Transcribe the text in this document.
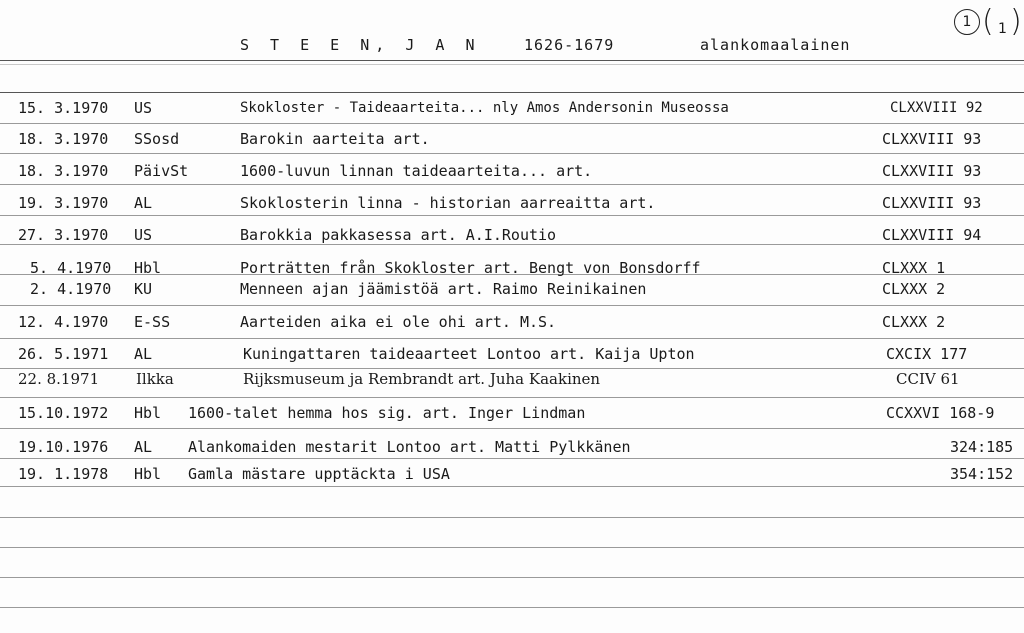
S T E E N, J A N	1626-1679	alankomaalainen
1 ( 1 )
15. 3.1970 US	Skokloster - Taideaarteita... nly Amos Andersonin Museossa	CLXXVIII 92
18. 3.1970 SSosd	Barokin aarteita art.	CLXXVIII 93
18. 3.1970 PäivSt	1600-luvun linnan taideaarteita... art.	CLXXVIII 93
19. 3.1970 AL	Skoklosterin linna - historian aarreaitta art.	CLXXVIII 93
27. 3.1970 US	Barokkia pakkasessa art. A.I.Routio	CLXXVIII 94
5. 4.1970 Hbl	Porträtten från Skokloster art. Bengt von Bonsdorff	CLXXX 1
2. 4.1970 KU	Menneen ajan jäämistöä art. Raimo Reinikainen	CLXXX 2
12. 4.1970 E-SS	Aarteiden aika ei ole ohi art. M.S.	CLXXX 2
26. 5.1971 AL	Kuningattaren taideaarteet Lontoo art. Kaija Upton	CXCIX 177
22. 8.1971 Ilkka	Rijksmuseum ja Rembrandt art. Juha Kaakinen	CCIV 61
15.10.1972 Hbl 1600-talet hemma hos sig. art. Inger Lindman	CCXXVI 168-9
19.10.1976 AL Alankomaiden mestarit Lontoo art. Matti Pylkkänen	324:185
19. 1.1978 Hbl Gamla mästare upptäckta i USA	354:152
